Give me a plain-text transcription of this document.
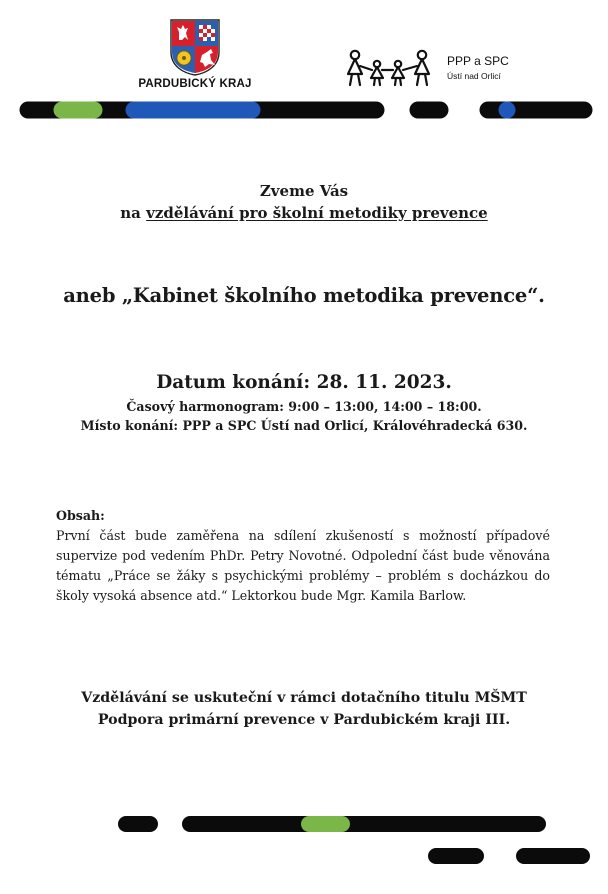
PARDUBICKÝ KRAJ
PPP a SPC
Ústí nad Orlicí
Zveme Vás
na vzdělávání pro školní metodiky prevence
aneb „Kabinet školního metodika prevence“.
Datum konání: 28. 11. 2023.
Časový harmonogram: 9:00 – 13:00, 14:00 – 18:00.
Místo konání: PPP a SPC Ústí nad Orlicí, Královéhradecká 630.
Obsah:
První část bude zaměřena na sdílení zkušeností s možností případové supervize pod vedením PhDr. Petry Novotné. Odpolední část bude věnována tématu „Práce se žáky s psychickými problémy – problém s docházkou do školy vysoká absence atd.“ Lektorkou bude Mgr. Kamila Barlow.
Vzdělávání se uskuteční v rámci dotačního titulu MŠMT
Podpora primární prevence v Pardubickém kraji III.
